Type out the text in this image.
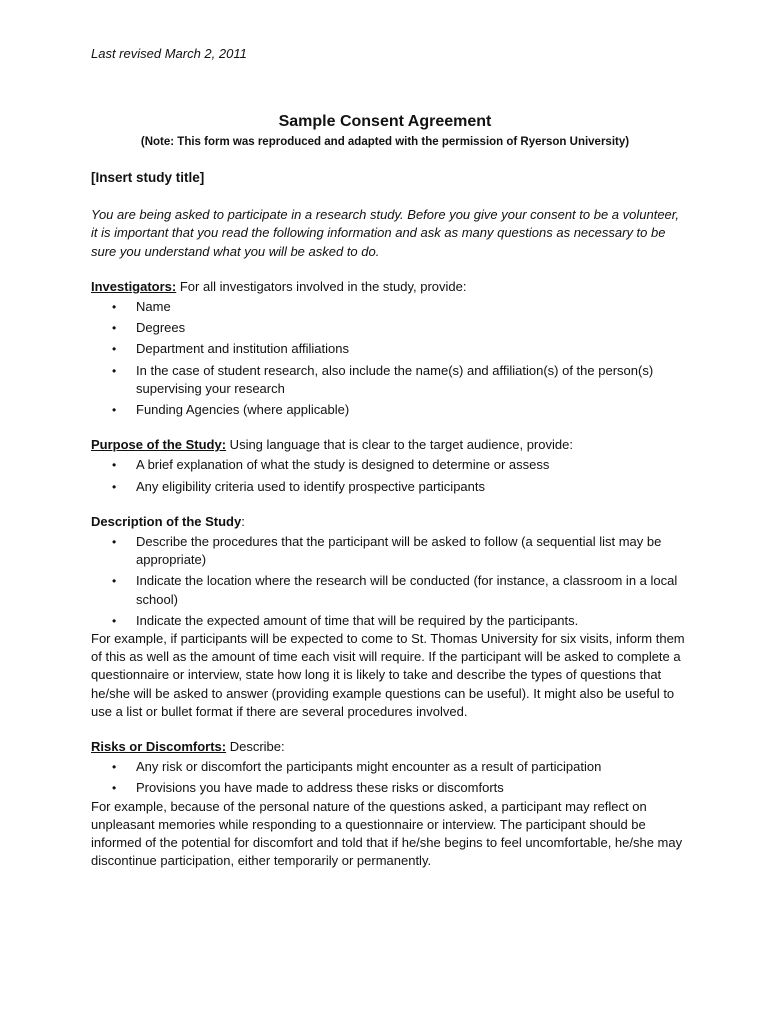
Last revised March 2, 2011
Sample Consent Agreement
(Note: This form was reproduced and adapted with the permission of Ryerson University)
[Insert study title]

You are being asked to participate in a research study. Before you give your consent to be a volunteer, it is important that you read the following information and ask as many questions as necessary to be sure you understand what you will be asked to do.

Investigators: For all investigators involved in the study, provide:

• Name
• Degrees
• Department and institution affiliations
• In the case of student research, also include the name(s) and affiliation(s) of the person(s) supervising your research
• Funding Agencies (where applicable)

Purpose of the Study: Using language that is clear to the target audience, provide:

• A brief explanation of what the study is designed to determine or assess
• Any eligibility criteria used to identify prospective participants

Description of the Study:

• Describe the procedures that the participant will be asked to follow (a sequential list may be appropriate)
• Indicate the location where the research will be conducted (for instance, a classroom in a local school)
• Indicate the expected amount of time that will be required by the participants.

For example, if participants will be expected to come to St. Thomas University for six visits, inform them of this as well as the amount of time each visit will require. If the participant will be asked to complete a questionnaire or interview, state how long it is likely to take and describe the types of questions that he/she will be asked to answer (providing example questions can be useful). It might also be useful to use a list or bullet format if there are several procedures involved.

Risks or Discomforts: Describe:

• Any risk or discomfort the participants might encounter as a result of participation
• Provisions you have made to address these risks or discomforts

For example, because of the personal nature of the questions asked, a participant may reflect on unpleasant memories while responding to a questionnaire or interview. The participant should be informed of the potential for discomfort and told that if he/she begins to feel uncomfortable, he/she may discontinue participation, either temporarily or permanently.
